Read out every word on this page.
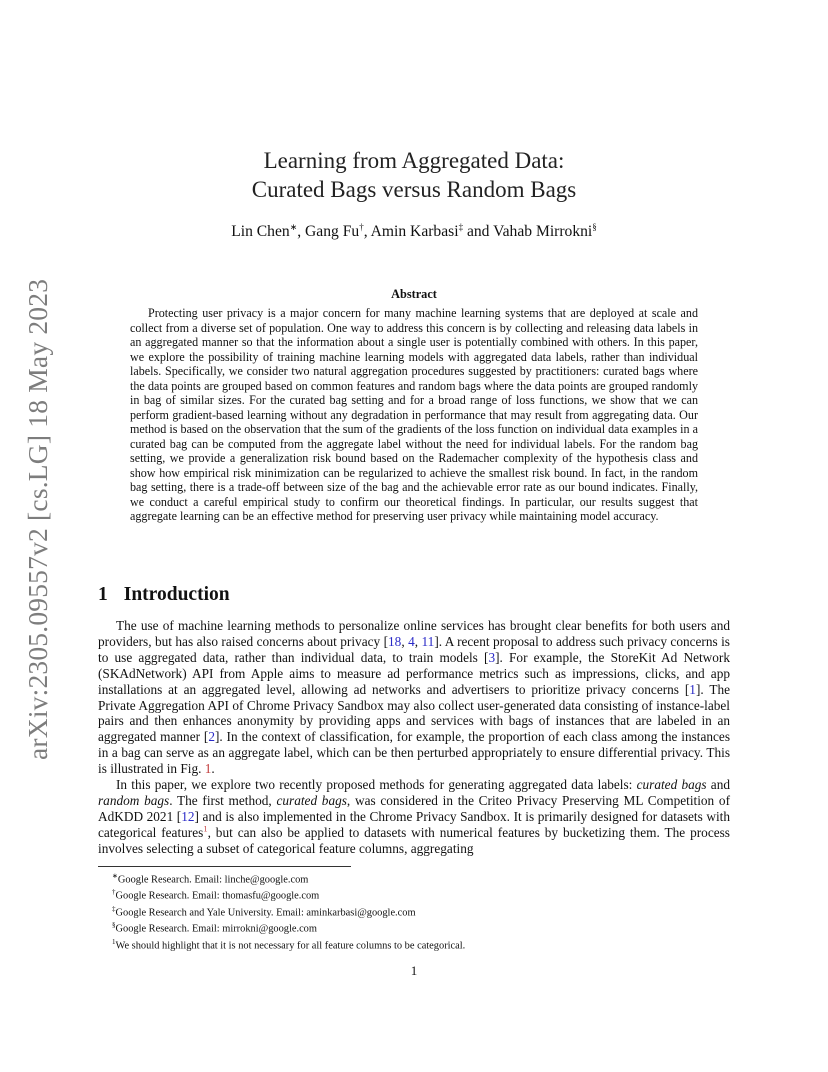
arXiv:2305.09557v2 [cs.LG] 18 May 2023
Learning from Aggregated Data:
Curated Bags versus Random Bags
Lin Chen∗, Gang Fu†, Amin Karbasi‡ and Vahab Mirrokni§
Abstract

Protecting user privacy is a major concern for many machine learning systems that are deployed at scale and collect from a diverse set of population. One way to address this concern is by collecting and releasing data labels in an aggregated manner so that the information about a single user is potentially combined with others. In this paper, we explore the possibility of training machine learning models with aggregated data labels, rather than individual labels. Specifically, we consider two natural aggregation procedures suggested by practitioners: curated bags where the data points are grouped based on common features and random bags where the data points are grouped randomly in bag of similar sizes. For the curated bag setting and for a broad range of loss functions, we show that we can perform gradient-based learning without any degradation in performance that may result from aggregating data. Our method is based on the observation that the sum of the gradients of the loss function on individual data examples in a curated bag can be computed from the aggregate label without the need for individual labels. For the random bag setting, we provide a generalization risk bound based on the Rademacher complexity of the hypothesis class and show how empirical risk minimization can be regularized to achieve the smallest risk bound. In fact, in the random bag setting, there is a trade-off between size of the bag and the achievable error rate as our bound indicates. Finally, we conduct a careful empirical study to confirm our theoretical findings. In particular, our results suggest that aggregate learning can be an effective method for preserving user privacy while maintaining model accuracy.

1 Introduction

The use of machine learning methods to personalize online services has brought clear benefits for both users and providers, but has also raised concerns about privacy [18, 4, 11]. A recent proposal to address such privacy concerns is to use aggregated data, rather than individual data, to train models [3]. For example, the StoreKit Ad Network (SKAdNetwork) API from Apple aims to measure ad performance metrics such as impressions, clicks, and app installations at an aggregated level, allowing ad networks and advertisers to prioritize privacy concerns [1]. The Private Aggregation API of Chrome Privacy Sandbox may also collect user-generated data consisting of instance-label pairs and then enhances anonymity by providing apps and services with bags of instances that are labeled in an aggregated manner [2]. In the context of classification, for example, the proportion of each class among the instances in a bag can serve as an aggregate label, which can be then perturbed appropriately to ensure differential privacy. This is illustrated in Fig. 1.

In this paper, we explore two recently proposed methods for generating aggregated data labels: curated bags and random bags. The first method, curated bags, was considered in the Criteo Privacy Preserving ML Competition of AdKDD 2021 [12] and is also implemented in the Chrome Privacy Sandbox. It is primarily designed for datasets with categorical features$^1$, but can also be applied to datasets with numerical features by bucketizing them. The process involves selecting a subset of categorical feature columns, aggregating

∗Google Research. Email: linche@google.com
†Google Research. Email: thomasfu@google.com
‡Google Research and Yale University. Email: aminkarbasi@google.com
§Google Research. Email: mirrokni@google.com
$^1$We should highlight that it is not necessary for all feature columns to be categorical.
1
